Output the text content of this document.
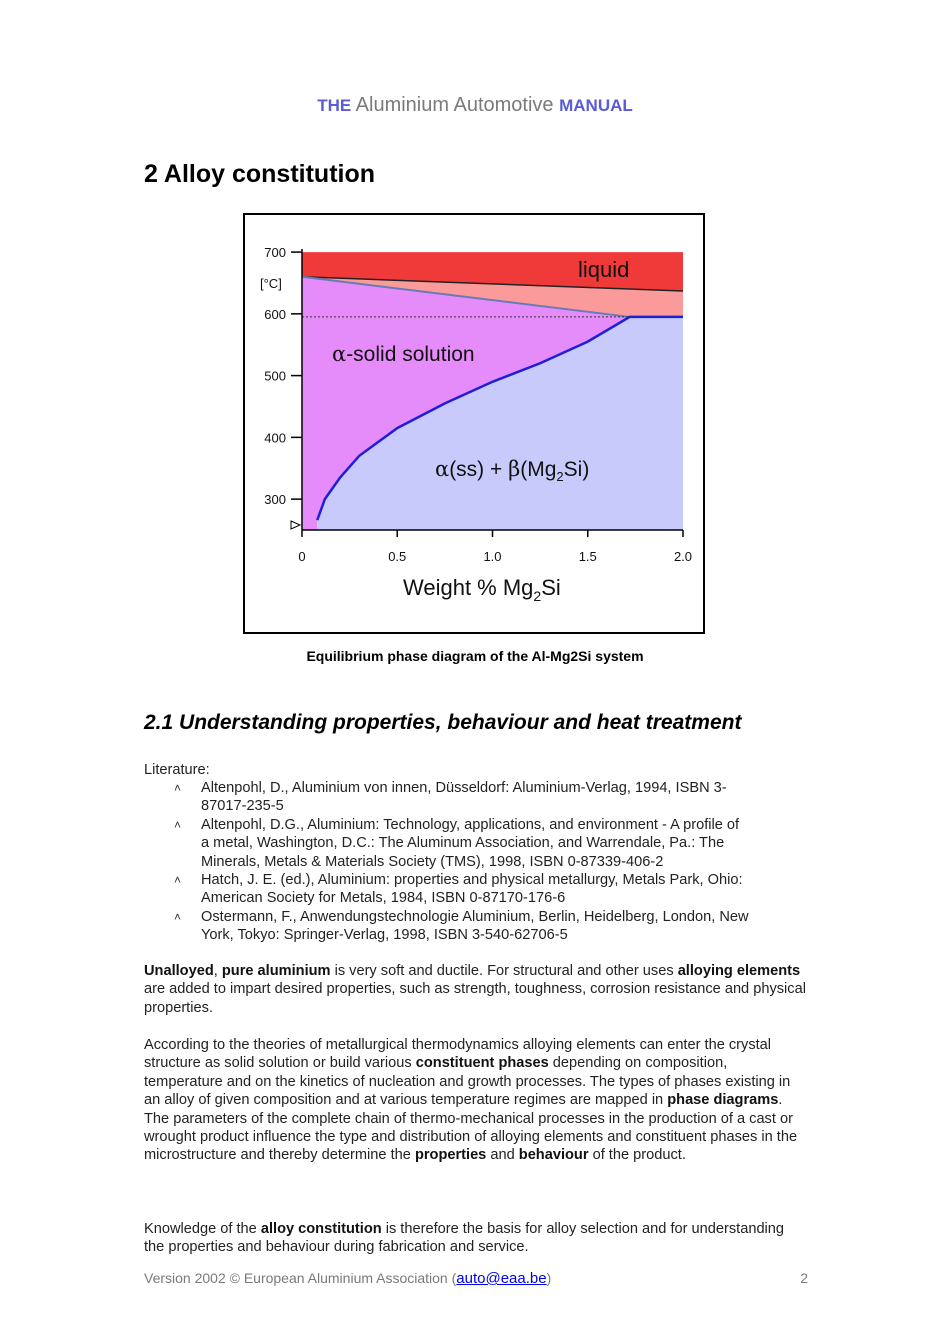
THE Aluminium Automotive MANUAL
2 Alloy constitution
0	0.5	1.0	1.5	2.0
700
600
500
400
300
liquid
α-solid solution
$\alpha(ss) + \beta(Mg_2Si)$
[°C]
Weight % $Mg_2Si$
Equilibrium phase diagram of the Al-Mg2Si system
2.1 Understanding properties, behaviour and heat treatment
Literature:
˄ Altenpohl, D., Aluminium von innen, Düsseldorf: Aluminium-Verlag, 1994, ISBN 3-
87017-235-5
˄ Altenpohl, D.G., Aluminium: Technology, applications, and environment - A profile of
a metal, Washington, D.C.: The Aluminum Association, and Warrendale, Pa.: The
Minerals, Metals & Materials Society (TMS), 1998, ISBN 0-87339-406-2
˄ Hatch, J. E. (ed.), Aluminium: properties and physical metallurgy, Metals Park, Ohio:
American Society for Metals, 1984, ISBN 0-87170-176-6
˄ Ostermann, F., Anwendungstechnologie Aluminium, Berlin, Heidelberg, London, New
York, Tokyo: Springer-Verlag, 1998, ISBN 3-540-62706-5
Unalloyed, pure aluminium is very soft and ductile. For structural and other uses alloying elements are added to impart desired properties, such as strength, toughness, corrosion resistance and physical properties.
According to the theories of metallurgical thermodynamics alloying elements can enter the crystal structure as solid solution or build various constituent phases depending on composition, temperature and on the kinetics of nucleation and growth processes. The types of phases existing in an alloy of given composition and at various temperature regimes are mapped in phase diagrams.
The parameters of the complete chain of thermo-mechanical processes in the production of a cast or wrought product influence the type and distribution of alloying elements and constituent phases in the microstructure and thereby determine the properties and behaviour of the product.
Knowledge of the alloy constitution is therefore the basis for alloy selection and for understanding the properties and behaviour during fabrication and service.
Version 2002 © European Aluminium Association (auto@eaa.be)	2
